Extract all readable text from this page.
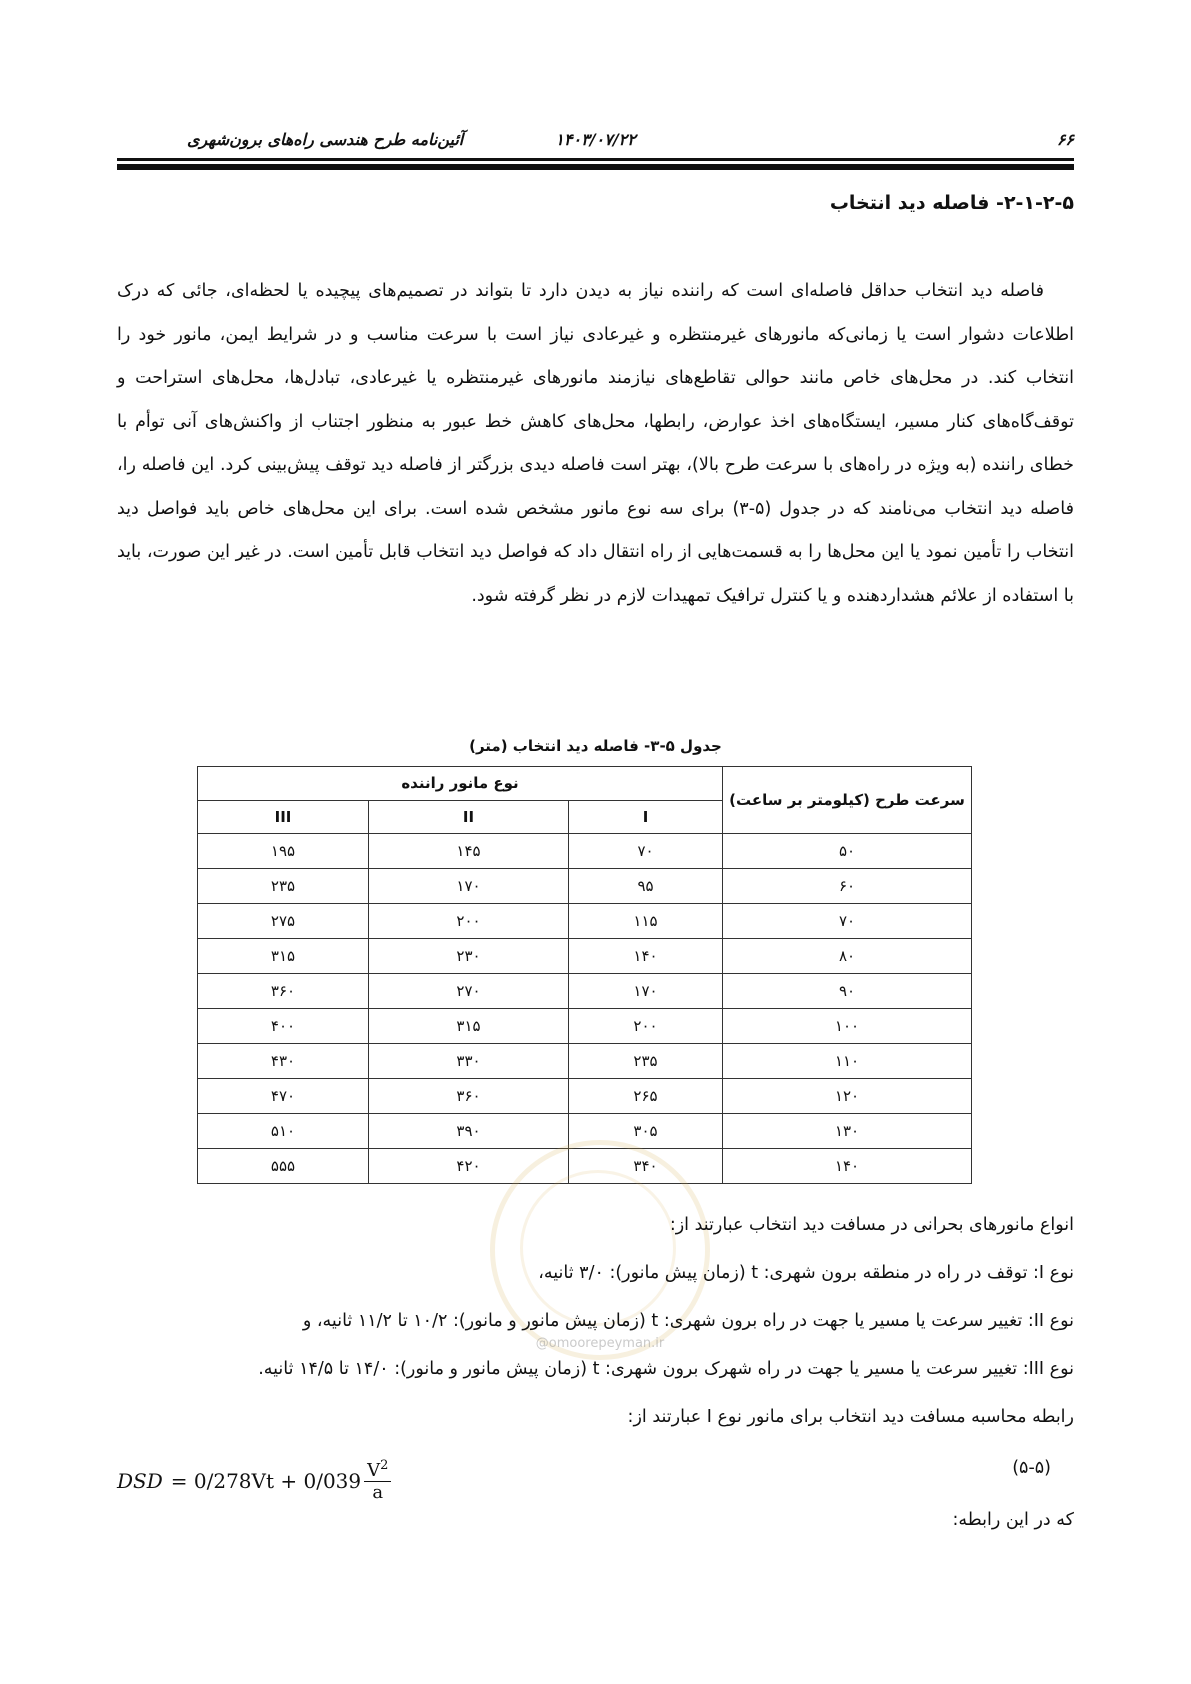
۶۶
۱۴۰۳/۰۷/۲۲
آئین‌نامه طرح هندسی راه‌های برون‌شهری
۲-۱-۲-۵- فاصله دید انتخاب

فاصله دید انتخاب حداقل فاصله‌ای است که راننده نیاز به دیدن دارد تا بتواند در تصمیم‌های پیچیده یا لحظه‌ای، جائی که درک اطلاعات دشوار است یا زمانی‌که مانورهای غیرمنتظره و غیرعادی نیاز است با سرعت مناسب و در شرایط ایمن، مانور خود را انتخاب کند. در محل‌های خاص مانند حوالی تقاطع‌های نیازمند مانورهای غیرمنتظره یا غیرعادی، تبادل‌ها، محل‌های استراحت و توقف‌گاه‌های کنار مسیر، ایستگاه‌های اخذ عوارض، رابطها، محل‌های کاهش خط عبور به منظور اجتناب از واکنش‌های آنی توأم با خطای راننده (به ویژه در راه‌های با سرعت طرح بالا)، بهتر است فاصله دیدی بزرگتر از فاصله دید توقف پیش‌بینی کرد. این فاصله را، فاصله دید انتخاب می‌نامند که در جدول (۵-۳) برای سه نوع مانور مشخص شده است. برای این محل‌های خاص باید فواصل دید انتخاب را تأمین نمود یا این محل‌ها را به قسمت‌هایی از راه انتقال داد که فواصل دید انتخاب قابل تأمین است. در غیر این صورت، باید با استفاده از علائم هشداردهنده و یا کنترل ترافیک تمهیدات لازم در نظر گرفته شود.

جدول ۵-۳- فاصله دید انتخاب (متر)
سرعت طرح (کیلومتر بر ساعت)	نوع مانور راننده		
	I	II	III
۵۰	۷۰	۱۴۵	۱۹۵
۶۰	۹۵	۱۷۰	۲۳۵
۷۰	۱۱۵	۲۰۰	۲۷۵
۸۰	۱۴۰	۲۳۰	۳۱۵
۹۰	۱۷۰	۲۷۰	۳۶۰
۱۰۰	۲۰۰	۳۱۵	۴۰۰
۱۱۰	۲۳۵	۳۳۰	۴۳۰
۱۲۰	۲۶۵	۳۶۰	۴۷۰
۱۳۰	۳۰۵	۳۹۰	۵۱۰
۱۴۰	۳۴۰	۴۲۰	۵۵۵
@omoorepeyman.ir
انواع مانورهای بحرانی در مسافت دید انتخاب عبارتند از:
نوع I: توقف در راه در منطقه برون شهری: t (زمان پیش مانور): ۳/۰ ثانیه،
نوع II: تغییر سرعت یا مسیر یا جهت در راه برون شهری: t (زمان پیش مانور و مانور): ۱۰/۲ تا ۱۱/۲ ثانیه، و
نوع III: تغییر سرعت یا مسیر یا جهت در راه شهرک برون شهری: t (زمان پیش مانور و مانور): ۱۴/۰ تا ۱۴/۵ ثانیه.
رابطه محاسبه مسافت دید انتخاب برای مانور نوع I عبارتند از:
DSD = $0/278Vt + 0/039 \frac{V^2}{a}$	(۵-۵)
که در این رابطه:
